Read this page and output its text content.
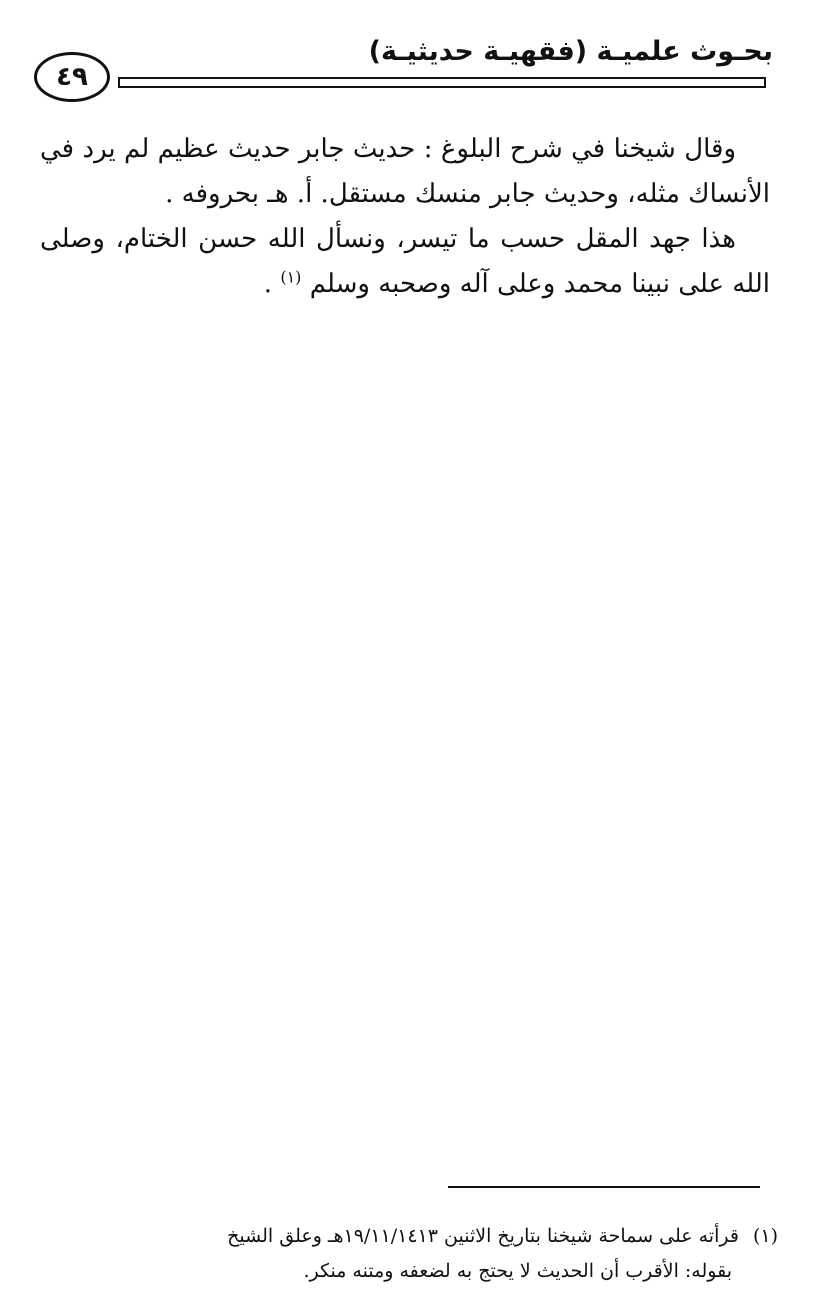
بحـوث علميـة (فقهيـة حديثيـة)
٤٩

وقال شيخنا في شرح البلوغ : حديث جابر حديث عظيم لم يرد في الأنساك مثله، وحديث جابر منسك مستقل. أ. هـ بحروفه .

هذا جهد المقل حسب ما تيسر، ونسأل الله حسن الختام، وصلى الله على نبينا محمد وعلى آله وصحبه وسلم $^{(١)}$ .

(١)قرأته على سماحة شيخنا بتاريخ الاثنين ١٩/١١/١٤١٣هـ وعلق الشيخ
بقوله: الأقرب أن الحديث لا يحتج به لضعفه ومتنه منكر.
